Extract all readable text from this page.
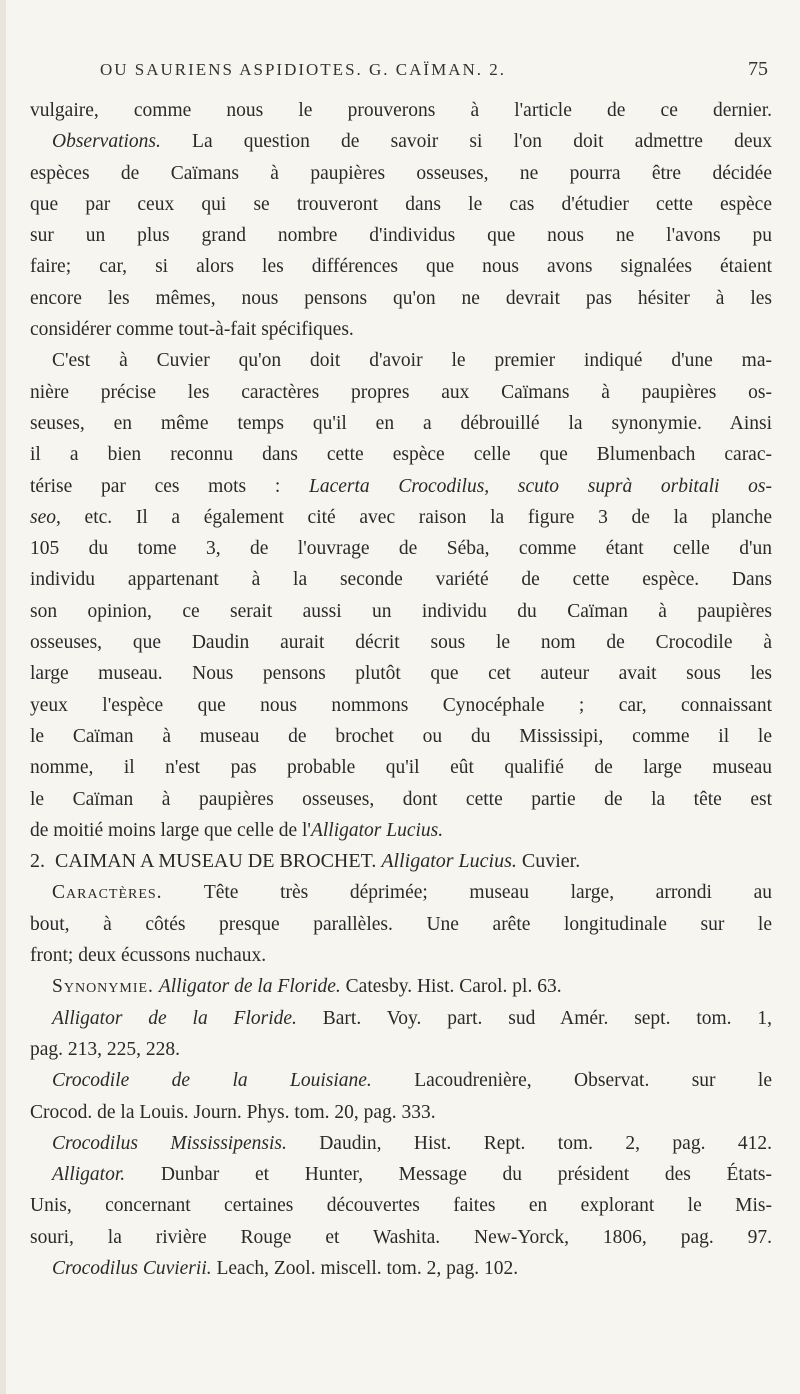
OU SAURIENS ASPIDIOTES. G. CAÏMAN. 2.	75

vulgaire, comme nous le prouverons à l'article de ce dernier.
Observations. La question de savoir si l'on doit admettre deux
espèces de Caïmans à paupières osseuses, ne pourra être décidée
que par ceux qui se trouveront dans le cas d'étudier cette espèce
sur un plus grand nombre d'individus que nous ne l'avons pu
faire; car, si alors les différences que nous avons signalées étaient
encore les mêmes, nous pensons qu'on ne devrait pas hésiter à les
considérer comme tout-à-fait spécifiques.

C'est à Cuvier qu'on doit d'avoir le premier indiqué d'une ma-
nière précise les caractères propres aux Caïmans à paupières os-
seuses, en même temps qu'il en a débrouillé la synonymie. Ainsi
il a bien reconnu dans cette espèce celle que Blumenbach carac-
térise par ces mots : Lacerta Crocodilus, scuto suprà orbitali os-
seo, etc. Il a également cité avec raison la figure 3 de la planche
105 du tome 3, de l'ouvrage de Séba, comme étant celle d'un
individu appartenant à la seconde variété de cette espèce. Dans
son opinion, ce serait aussi un individu du Caïman à paupières
osseuses, que Daudin aurait décrit sous le nom de Crocodile à
large museau. Nous pensons plutôt que cet auteur avait sous les
yeux l'espèce que nous nommons Cynocéphale ; car, connaissant
le Caïman à museau de brochet ou du Mississipi, comme il le
nomme, il n'est pas probable qu'il eût qualifié de large museau
le Caïman à paupières osseuses, dont cette partie de la tête est
de moitié moins large que celle de l'Alligator Lucius.

2. CAIMAN A MUSEAU DE BROCHET. Alligator Lucius. Cuvier.

Caractères. Tête très déprimée; museau large, arrondi au
bout, à côtés presque parallèles. Une arête longitudinale sur le
front; deux écussons nuchaux.

Synonymie. Alligator de la Floride. Catesby. Hist. Carol. pl. 63.
Alligator de la Floride. Bart. Voy. part. sud Amér. sept. tom. 1,
pag. 213, 225, 228.
Crocodile de la Louisiane. Lacoudrenière, Observat. sur le
Crocod. de la Louis. Journ. Phys. tom. 20, pag. 333.
Crocodilus Mississipensis. Daudin, Hist. Rept. tom. 2, pag. 412.
Alligator. Dunbar et Hunter, Message du président des États-
Unis, concernant certaines découvertes faites en explorant le Mis-
souri, la rivière Rouge et Washita. New-Yorck, 1806, pag. 97.
Crocodilus Cuvierii. Leach, Zool. miscell. tom. 2, pag. 102.
